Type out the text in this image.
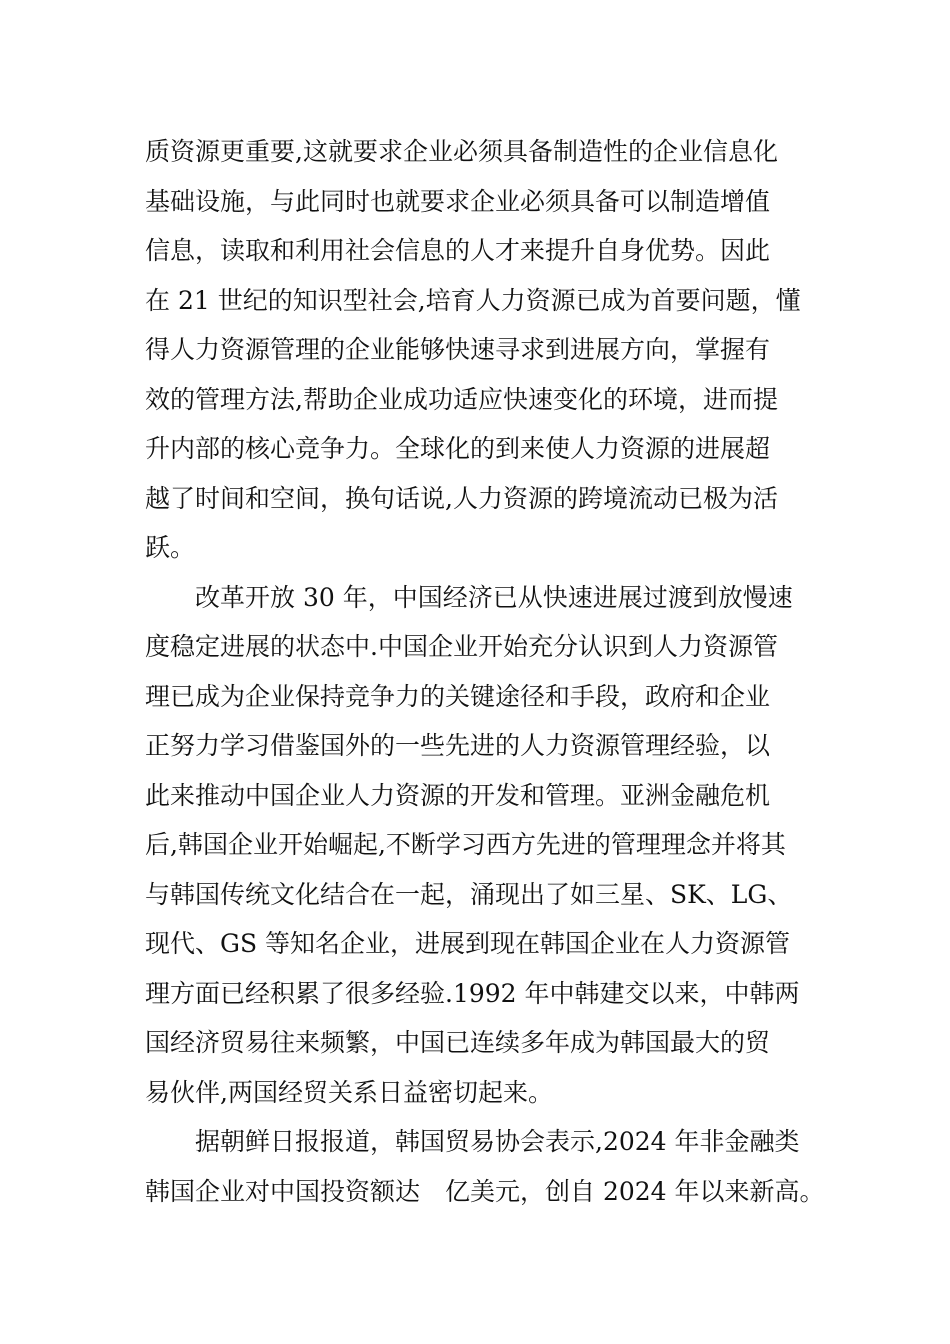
质资源更重要,这就要求企业必须具备制造性的企业信息化
基础设施，与此同时也就要求企业必须具备可以制造增值
信息，读取和利用社会信息的人才来提升自身优势。因此
在 21 世纪的知识型社会,培育人力资源已成为首要问题，懂
得人力资源管理的企业能够快速寻求到进展方向，掌握有
效的管理方法,帮助企业成功适应快速变化的环境，进而提
升内部的核心竞争力。全球化的到来使人力资源的进展超
越了时间和空间，换句话说,人力资源的跨境流动已极为活
跃。
改革开放 30 年，中国经济已从快速进展过渡到放慢速
度稳定进展的状态中.中国企业开始充分认识到人力资源管
理已成为企业保持竞争力的关键途径和手段，政府和企业
正努力学习借鉴国外的一些先进的人力资源管理经验，以
此来推动中国企业人力资源的开发和管理。亚洲金融危机
后,韩国企业开始崛起,不断学习西方先进的管理理念并将其
与韩国传统文化结合在一起，涌现出了如三星、SK、LG、
现代、GS 等知名企业，进展到现在韩国企业在人力资源管
理方面已经积累了很多经验.1992 年中韩建交以来，中韩两
国经济贸易往来频繁，中国已连续多年成为韩国最大的贸
易伙伴,两国经贸关系日益密切起来。
据朝鲜日报报道，韩国贸易协会表示,2024 年非金融类
韩国企业对中国投资额达　亿美元，创自 2024 年以来新高。
